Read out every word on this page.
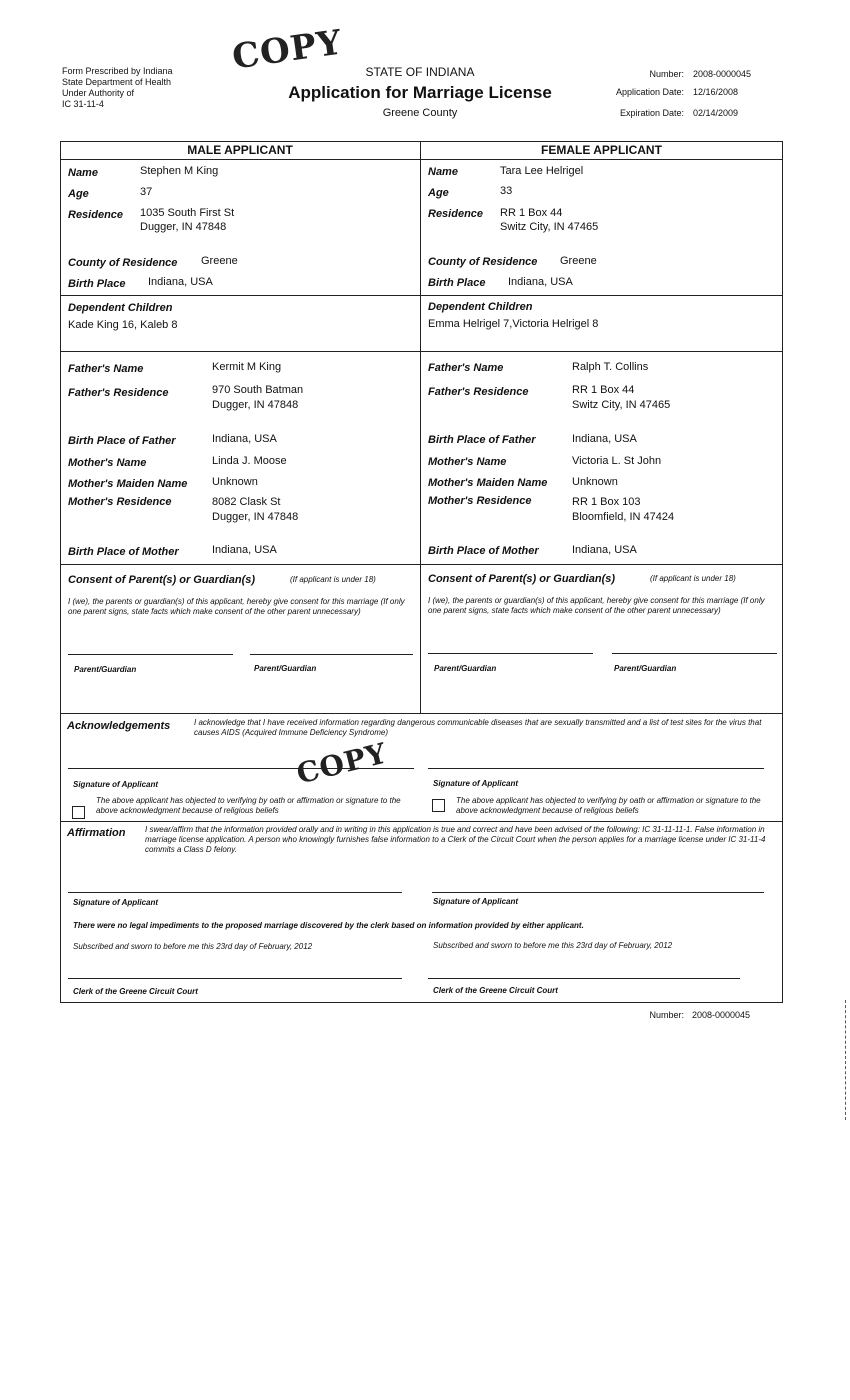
Form Prescribed by Indiana
State Department of Health
Under Authority of
IC 31-11-4
COPY	STATE OF INDIANA
Application for Marriage License
Greene County
Number: 2008-0000045
Application Date: 12/16/2008
Expiration Date: 02/14/2009
MALE APPLICANT	FEMALE APPLICANT
Name	Stephen M King
Age	37
Residence 1035 South First St
Dugger, IN 47848
County of Residence Greene
Birth Place Indiana, USA
Dependent Children
Kade King 16, Kaleb 8
Father's Name	Kermit M King
Father's Residence	970 South Batman
Dugger, IN 47848
Birth Place of Father	Indiana, USA
Mother's Name	Linda J. Moose
Mother's Maiden Name Unknown
Mother's Residence	8082 Clask St
Dugger, IN 47848
Birth Place of Mother	Indiana, USA
Name	Tara Lee Helrigel
Age	33
Residence RR 1 Box 44
Switz City, IN 47465
County of Residence Greene
Birth Place Indiana, USA
Dependent Children
Emma Helrigel 7,Victoria Helrigel 8
Father's Name	Ralph T. Collins
Father's Residence	RR 1 Box 44
Switz City, IN 47465
Birth Place of Father	Indiana, USA
Mother's Name	Victoria L. St John
Mother's Maiden Name Unknown
Mother's Residence	RR 1 Box 103
Bloomfield, IN 47424
Birth Place of Mother	Indiana, USA
Consent of Parent(s) or Guardian(s)	(If applicant is under 18)
I (we), the parents or guardian(s) of this applicant, hereby give consent for this marriage (If only one parent signs, state facts which make consent of the other parent unnecessary)
Parent/Guardian	Parent/Guardian
Consent of Parent(s) or Guardian(s)	(If applicant is under 18)
I (we), the parents or guardian(s) of this applicant, hereby give consent for this marriage (If only one parent signs, state facts which make consent of the other parent unnecessary)
Parent/Guardian	Parent/Guardian
Acknowledgements	I acknowledge that I have received information regarding dangerous communicable diseases that are sexually transmitted and a list of test sites for the virus that causes AIDS (Acquired Immune Deficiency Syndrome)
COPY
Signature of Applicant	Signature of Applicant
The above applicant has objected to verifying by oath or affirmation or signature to the above acknowledgment because of religious beliefs
The above applicant has objected to verifying by oath or affirmation or signature to the above acknowledgment because of religious beliefs
Affirmation I swear/affirm that the information provided orally and in writing in this application is true and correct and have been advised of the following: IC 31-11-11-1. False information in marriage license application. A person who knowingly furnishes false information to a Clerk of the Circuit Court when the person applies for a marriage license under IC 31-11-4 commits a Class D felony.
Signature of Applicant	Signature of Applicant
There were no legal impediments to the proposed marriage discovered by the clerk based on information provided by either applicant.
Subscribed and sworn to before me this 23rd day of February, 2012	Subscribed and sworn to before me this 23rd day of February, 2012
Clerk of the Greene Circuit Court	Clerk of the Greene Circuit Court
Number: 2008-0000045
